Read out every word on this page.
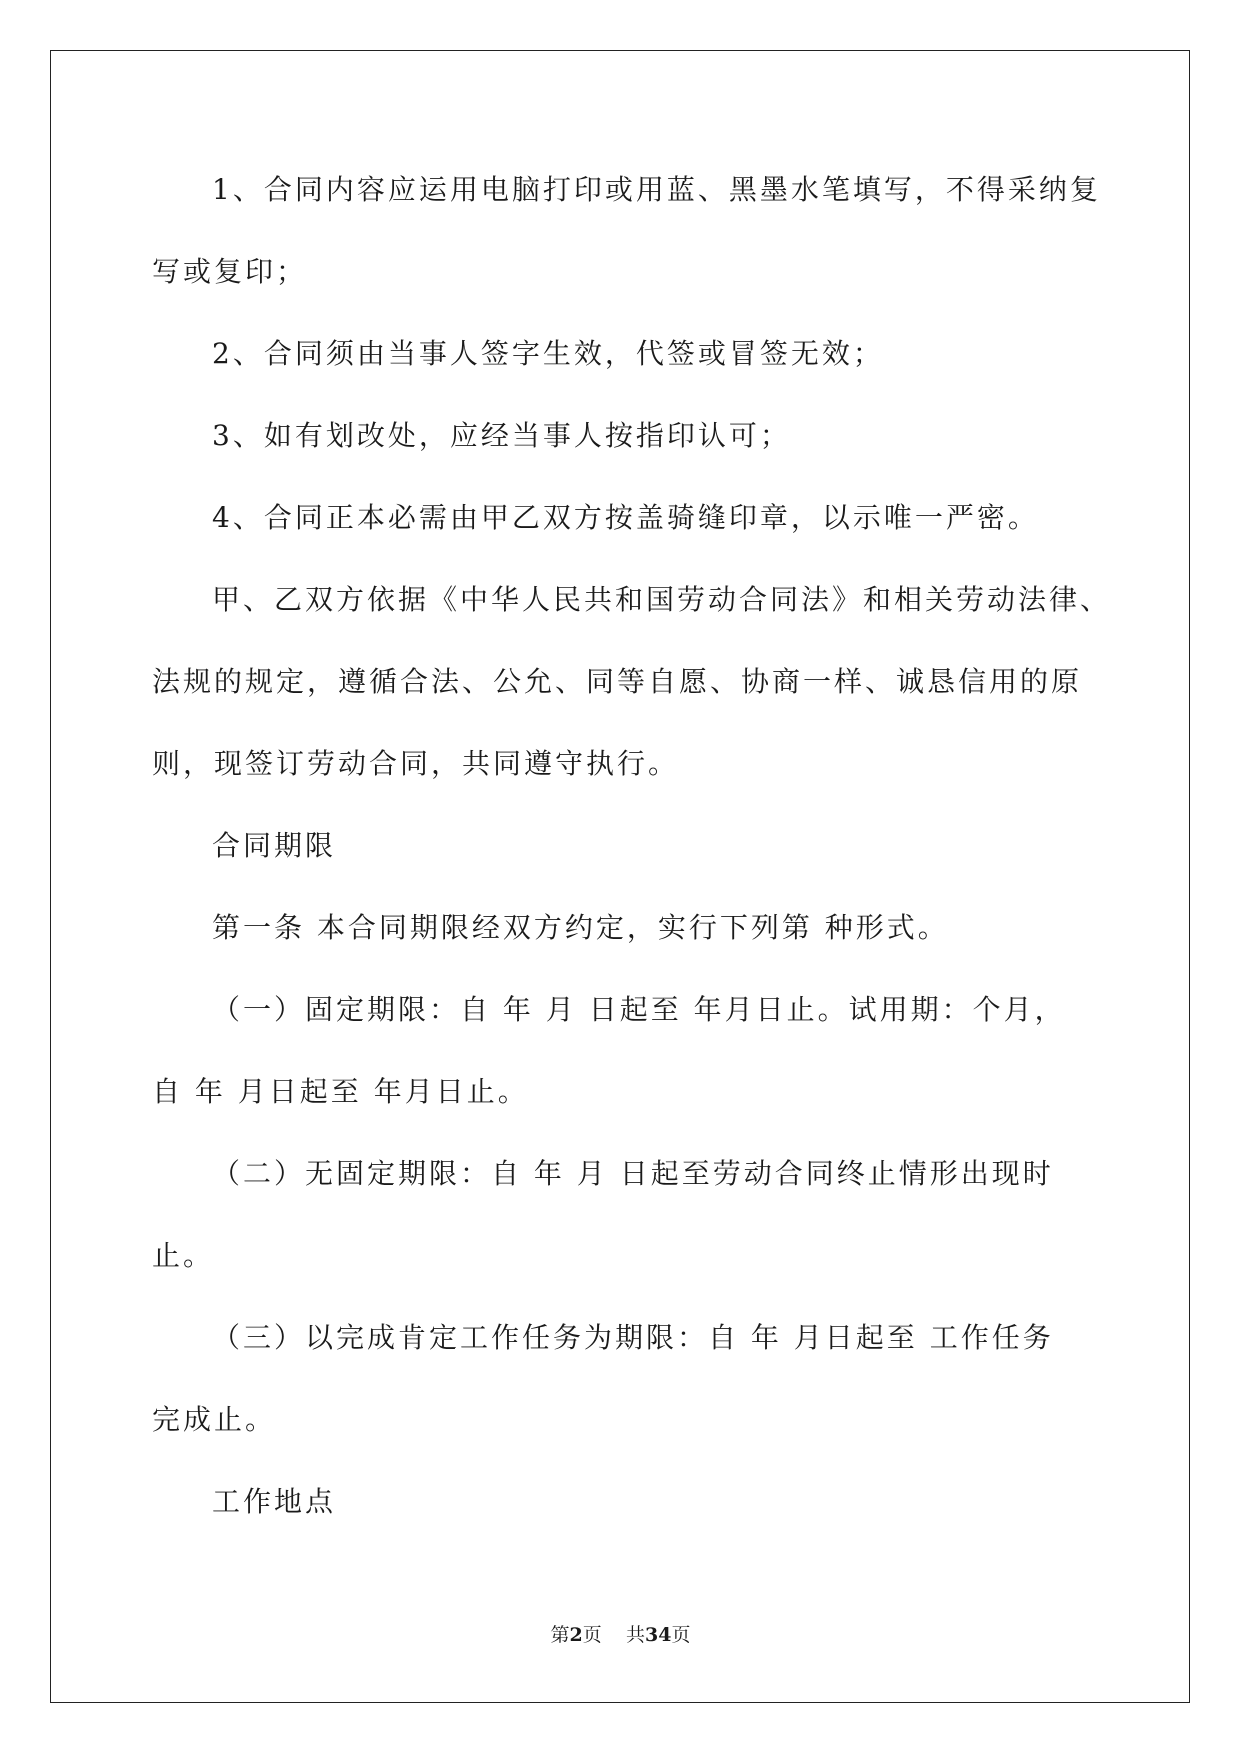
1、合同内容应运用电脑打印或用蓝、黑墨水笔填写，不得采纳复
写或复印；
2、合同须由当事人签字生效，代签或冒签无效；
3、如有划改处，应经当事人按指印认可；
4、合同正本必需由甲乙双方按盖骑缝印章，以示唯一严密。
甲、乙双方依据《中华人民共和国劳动合同法》和相关劳动法律、
法规的规定，遵循合法、公允、同等自愿、协商一样、诚恳信用的原
则，现签订劳动合同，共同遵守执行。
合同期限
第一条 本合同期限经双方约定，实行下列第 种形式。
（一）固定期限：自 年 月 日起至 年月日止。试用期：个月，
自 年 月日起至 年月日止。
（二）无固定期限：自 年 月 日起至劳动合同终止情形出现时
止。
（三）以完成肯定工作任务为期限：自 年 月日起至 工作任务
完成止。
工作地点
第2页 共34页
